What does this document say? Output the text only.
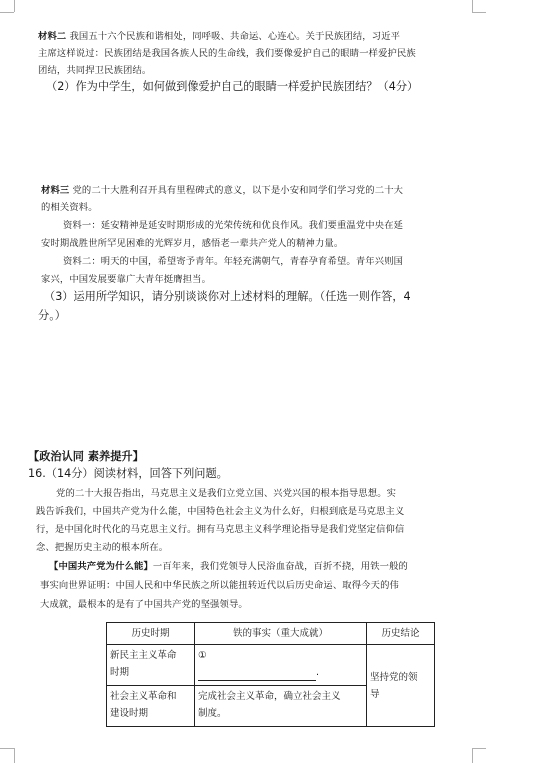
材料二 我国五十六个民族和谐相处，同呼吸、共命运、心连心。关于民族团结，习近平
主席这样说过：民族团结是我国各族人民的生命线，我们要像爱护自己的眼睛一样爱护民族
团结，共同捍卫民族团结。
（2）作为中学生，如何做到像爱护自己的眼睛一样爱护民族团结？（4分）
材料三 党的二十大胜利召开具有里程碑式的意义，以下是小安和同学们学习党的二十大
的相关资料。
资料一：延安精神是延安时期形成的光荣传统和优良作风。我们要重温党中央在延
安时期战胜世所罕见困难的光辉岁月，感悟老一辈共产党人的精神力量。
资料二：明天的中国，希望寄予青年。年轻充满朝气，青春孕育希望。青年兴则国
家兴，中国发展要靠广大青年挺膺担当。
（3）运用所学知识，请分别谈谈你对上述材料的理解。（任选一则作答，4
分。）
【政治认同 素养提升】
16.（14分）阅读材料，回答下列问题。
党的二十大报告指出，马克思主义是我们立党立国、兴党兴国的根本指导思想。实
践告诉我们，中国共产党为什么能，中国特色社会主义为什么好，归根到底是马克思主义
行，是中国化时代化的马克思主义行。拥有马克思主义科学理论指导是我们党坚定信仰信
念、把握历史主动的根本所在。
【中国共产党为什么能】一百年来，我们党领导人民浴血奋战，百折不挠，用铁一般的
事实向世界证明：中国人民和中华民族之所以能扭转近代以后历史命运、取得今天的伟
大成就，最根本的是有了中国共产党的坚强领导。
历史时期	铁的事实（重大成就）	历史结论
新民主主义革命
时期	①
.	坚持党的领
导
社会主义革命和
建设时期	完成社会主义革命，确立社会主义
制度。	
